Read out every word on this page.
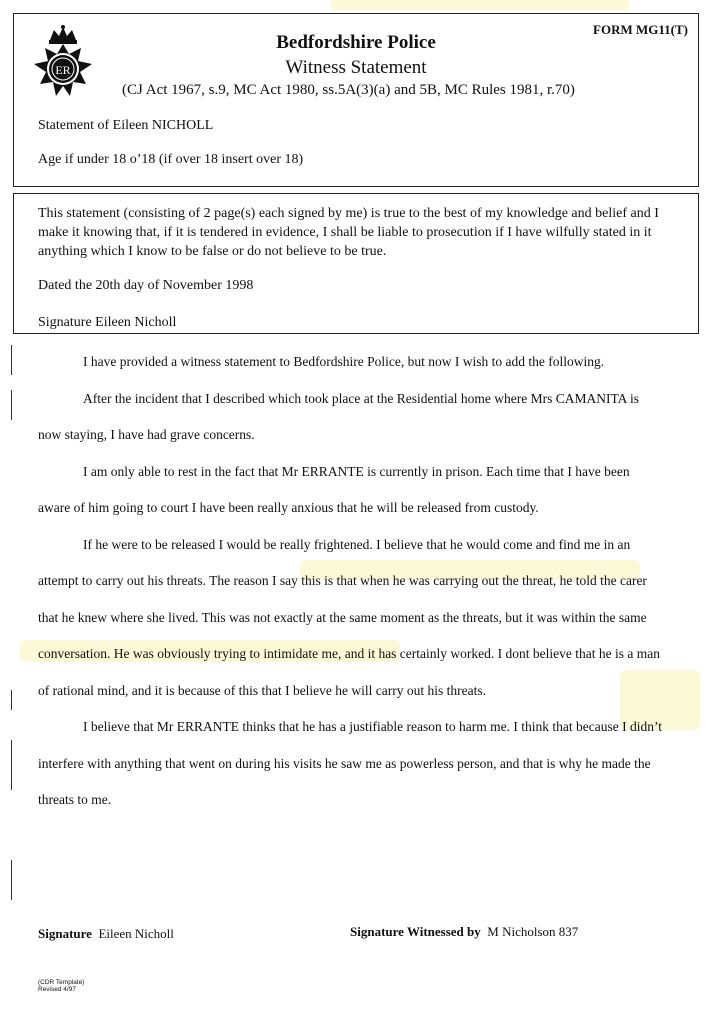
ER
FORM MG11(T)
Bedfordshire Police
Witness Statement
(CJ Act 1967, s.9, MC Act 1980, ss.5A(3)(a) and 5B, MC Rules 1981, r.70)
Statement of Eileen NICHOLL
Age if under 18 o’18 (if over 18 insert over 18)
This statement (consisting of 2 page(s) each signed by me) is true to the best of my knowledge and belief and I make it knowing that, if it is tendered in evidence, I shall be liable to prosecution if I have wilfully stated in it anything which I know to be false or do not believe to be true.
Dated the 20th day of November 1998
Signature Eileen Nicholl

I have provided a witness statement to Bedfordshire Police, but now I wish to add the following.

After the incident that I described which took place at the Residential home where Mrs CAMANITA is now staying, I have had grave concerns.

I am only able to rest in the fact that Mr ERRANTE is currently in prison. Each time that I have been aware of him going to court I have been really anxious that he will be released from custody.

If he were to be released I would be really frightened. I believe that he would come and find me in an attempt to carry out his threats. The reason I say this is that when he was carrying out the threat, he told the carer that he knew where she lived. This was not exactly at the same moment as the threats, but it was within the same conversation. He was obviously trying to intimidate me, and it has certainly worked. I dont believe that he is a man of rational mind, and it is because of this that I believe he will carry out his threats.

I believe that Mr ERRANTE thinks that he has a justifiable reason to harm me. I think that because I didn’t interfere with anything that went on during his visits he saw me as powerless person, and that is why he made the threats to me.

Signature Eileen Nicholl	Signature Witnessed by M Nicholson 837
(CDR Template)
Revised 4/97
